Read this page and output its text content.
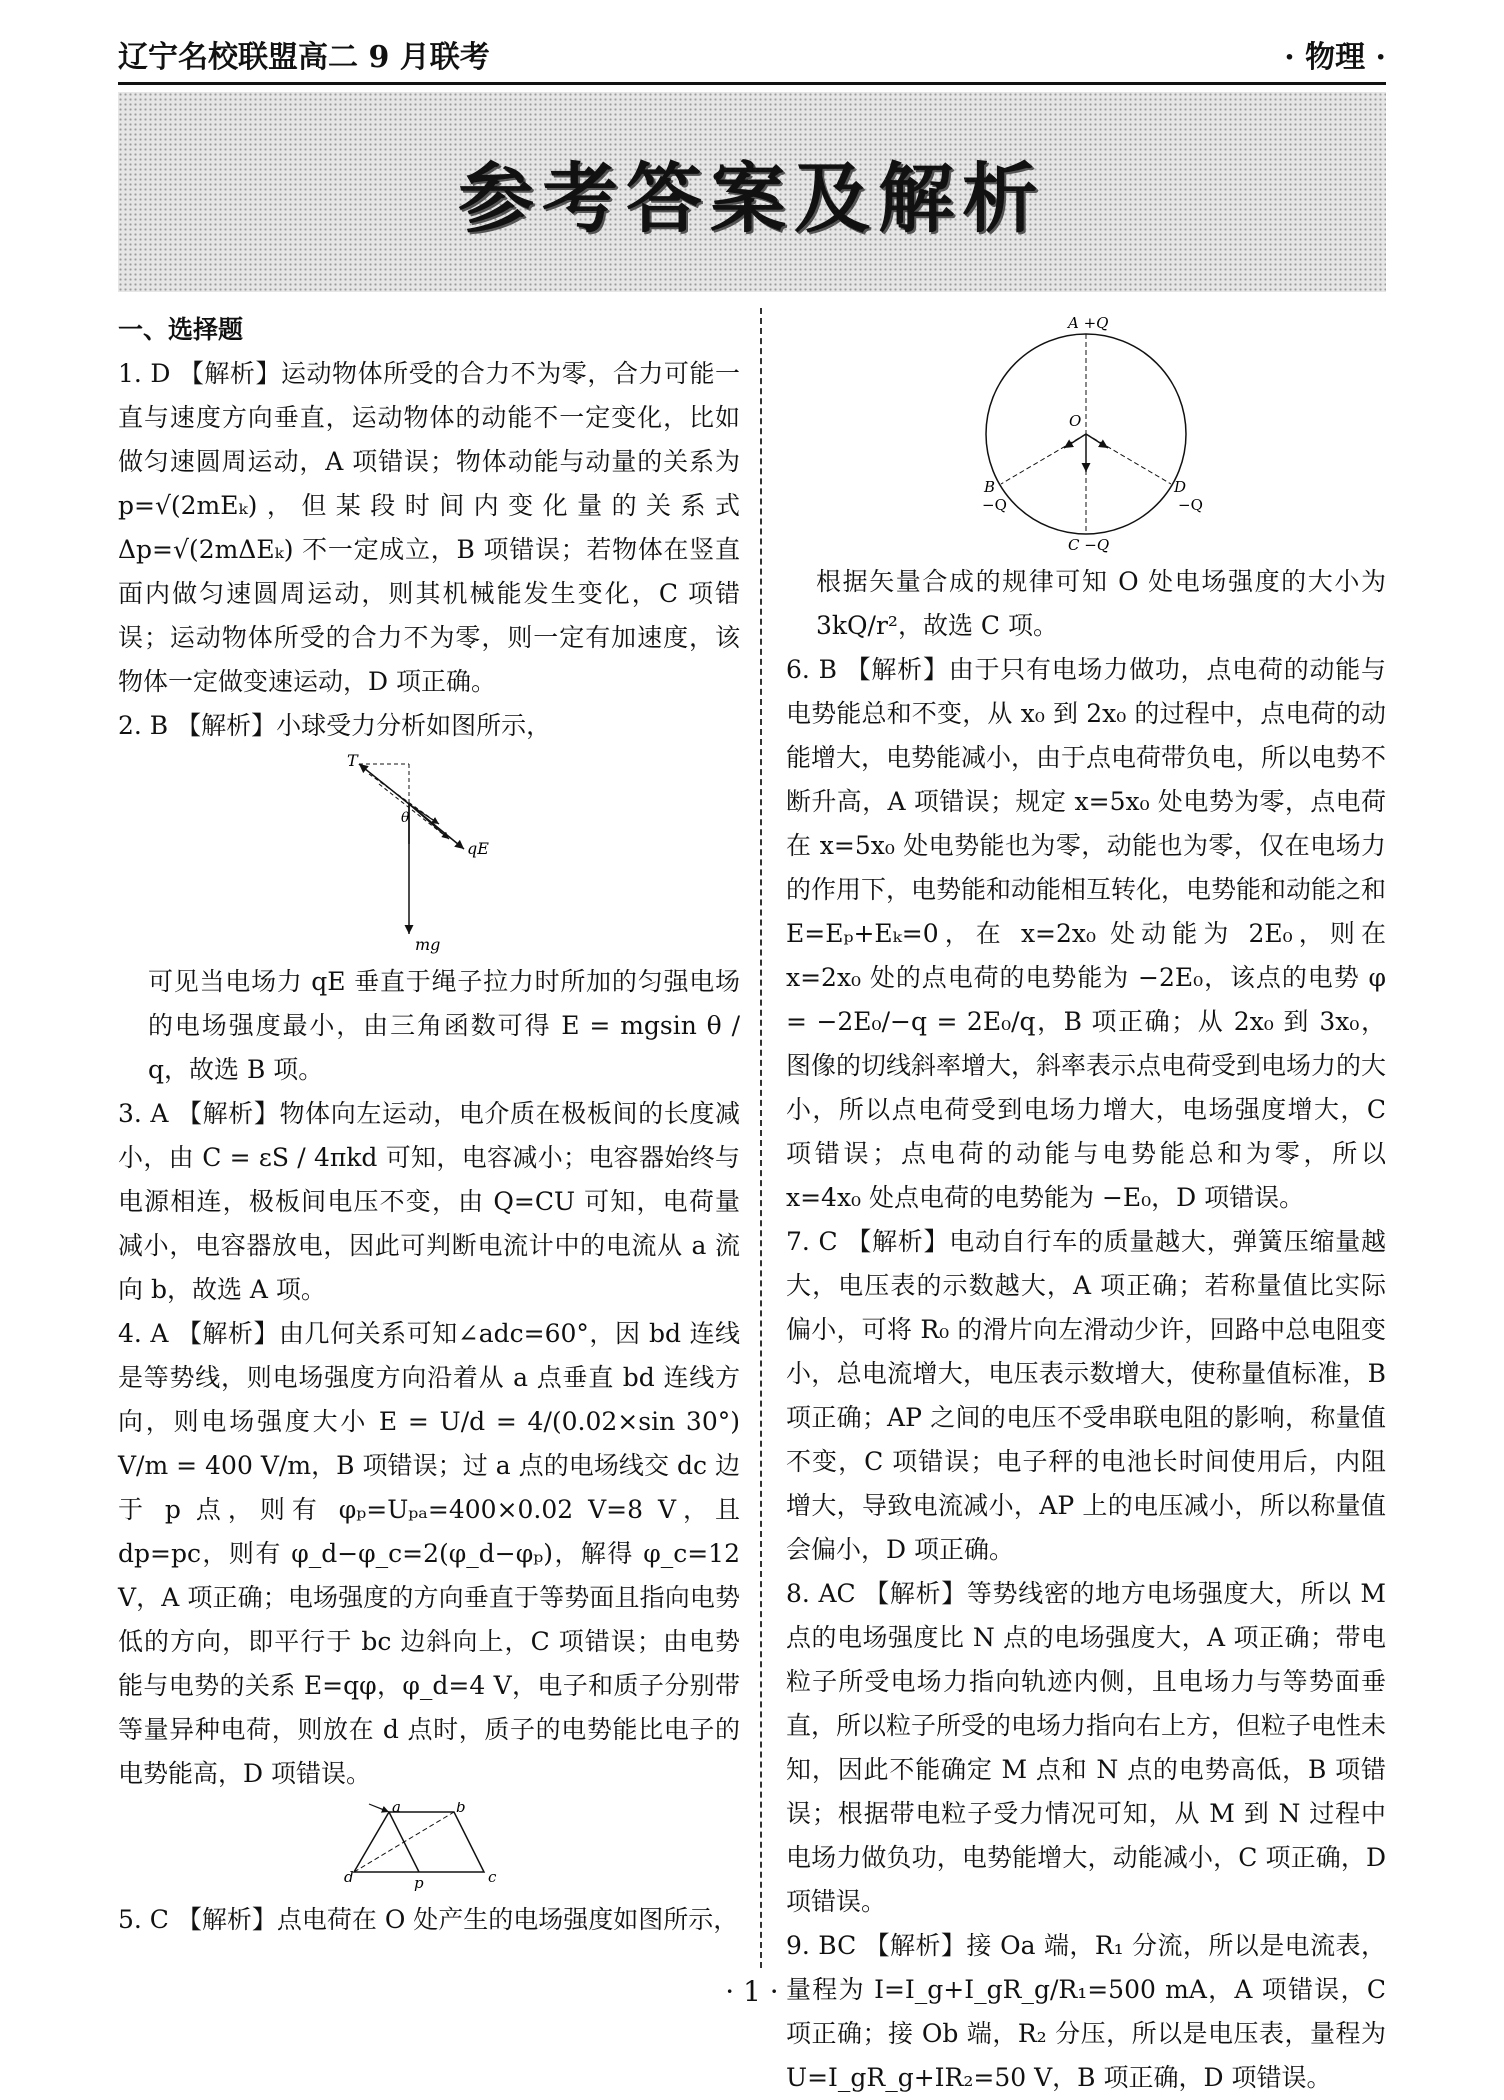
辽宁名校联盟高二 9 月联考	· 物理 ·
参考答案及解析
一、选择题

1. D 【解析】运动物体所受的合力不为零，合力可能一直与速度方向垂直，运动物体的动能不一定变化，比如做匀速圆周运动，A 项错误；物体动能与动量的关系为 p=√(2mEₖ)，但某段时间内变化量的关系式 Δp=√(2mΔEₖ) 不一定成立，B 项错误；若物体在竖直面内做匀速圆周运动，则其机械能发生变化，C 项错误；运动物体所受的合力不为零，则一定有加速度，该物体一定做变速运动，D 项正确。

2. B 【解析】小球受力分析如图所示，

T
θ
qE
mg

可见当电场力 qE 垂直于绳子拉力时所加的匀强电场的电场强度最小，由三角函数可得 E = mgsin θ / q，故选 B 项。

3. A 【解析】物体向左运动，电介质在极板间的长度减小，由 C = εS / 4πkd 可知，电容减小；电容器始终与电源相连，极板间电压不变，由 Q=CU 可知，电荷量减小，电容器放电，因此可判断电流计中的电流从 a 流向 b，故选 A 项。

4. A 【解析】由几何关系可知∠adc=60°，因 bd 连线是等势线，则电场强度方向沿着从 a 点垂直 bd 连线方向，则电场强度大小 E = U/d = 4/(0.02×sin 30°) V/m = 400 V/m，B 项错误；过 a 点的电场线交 dc 边于 p 点，则有 φₚ=Uₚₐ=400×0.02 V=8 V，且 dp=pc，则有 φ_d−φ_c=2(φ_d−φₚ)，解得 φ_c=12 V，A 项正确；电场强度的方向垂直于等势面且指向电势低的方向，即平行于 bc 边斜向上，C 项错误；由电势能与电势的关系 E=qφ，φ_d=4 V，电子和质子分别带等量异种电荷，则放在 d 点时，质子的电势能比电子的电势能高，D 项错误。

a	b
c
d	p

5. C 【解析】点电荷在 O 处产生的电场强度如图所示，

A +Q
O
B
−Q
D
−Q
C −Q

根据矢量合成的规律可知 O 处电场强度的大小为 3kQ/r²，故选 C 项。

6. B 【解析】由于只有电场力做功，点电荷的动能与电势能总和不变，从 x₀ 到 2x₀ 的过程中，点电荷的动能增大，电势能减小，由于点电荷带负电，所以电势不断升高，A 项错误；规定 x=5x₀ 处电势为零，点电荷在 x=5x₀ 处电势能也为零，动能也为零，仅在电场力的作用下，电势能和动能相互转化，电势能和动能之和 E=Eₚ+Eₖ=0，在 x=2x₀ 处动能为 2E₀，则在 x=2x₀ 处的点电荷的电势能为 −2E₀，该点的电势 φ = −2E₀/−q = 2E₀/q，B 项正确；从 2x₀ 到 3x₀，图像的切线斜率增大，斜率表示点电荷受到电场力的大小，所以点电荷受到电场力增大，电场强度增大，C 项错误；点电荷的动能与电势能总和为零，所以 x=4x₀ 处点电荷的电势能为 −E₀，D 项错误。

7. C 【解析】电动自行车的质量越大，弹簧压缩量越大，电压表的示数越大，A 项正确；若称量值比实际偏小，可将 R₀ 的滑片向左滑动少许，回路中总电阻变小，总电流增大，电压表示数增大，使称量值标准，B 项正确；AP 之间的电压不受串联电阻的影响，称量值不变，C 项错误；电子秤的电池长时间使用后，内阻增大，导致电流减小，AP 上的电压减小，所以称量值会偏小，D 项正确。

8. AC 【解析】等势线密的地方电场强度大，所以 M 点的电场强度比 N 点的电场强度大，A 项正确；带电粒子所受电场力指向轨迹内侧，且电场力与等势面垂直，所以粒子所受的电场力指向右上方，但粒子电性未知，因此不能确定 M 点和 N 点的电势高低，B 项错误；根据带电粒子受力情况可知，从 M 到 N 过程中电场力做负功，电势能增大，动能减小，C 项正确，D 项错误。

9. BC 【解析】接 Oa 端，R₁ 分流，所以是电流表，量程为 I=I_g+I_gR_g/R₁=500 mA，A 项错误，C 项正确；接 Ob 端，R₂ 分压，所以是电压表，量程为 U=I_gR_g+IR₂=50 V，B 项正确，D 项错误。

· 1 ·
